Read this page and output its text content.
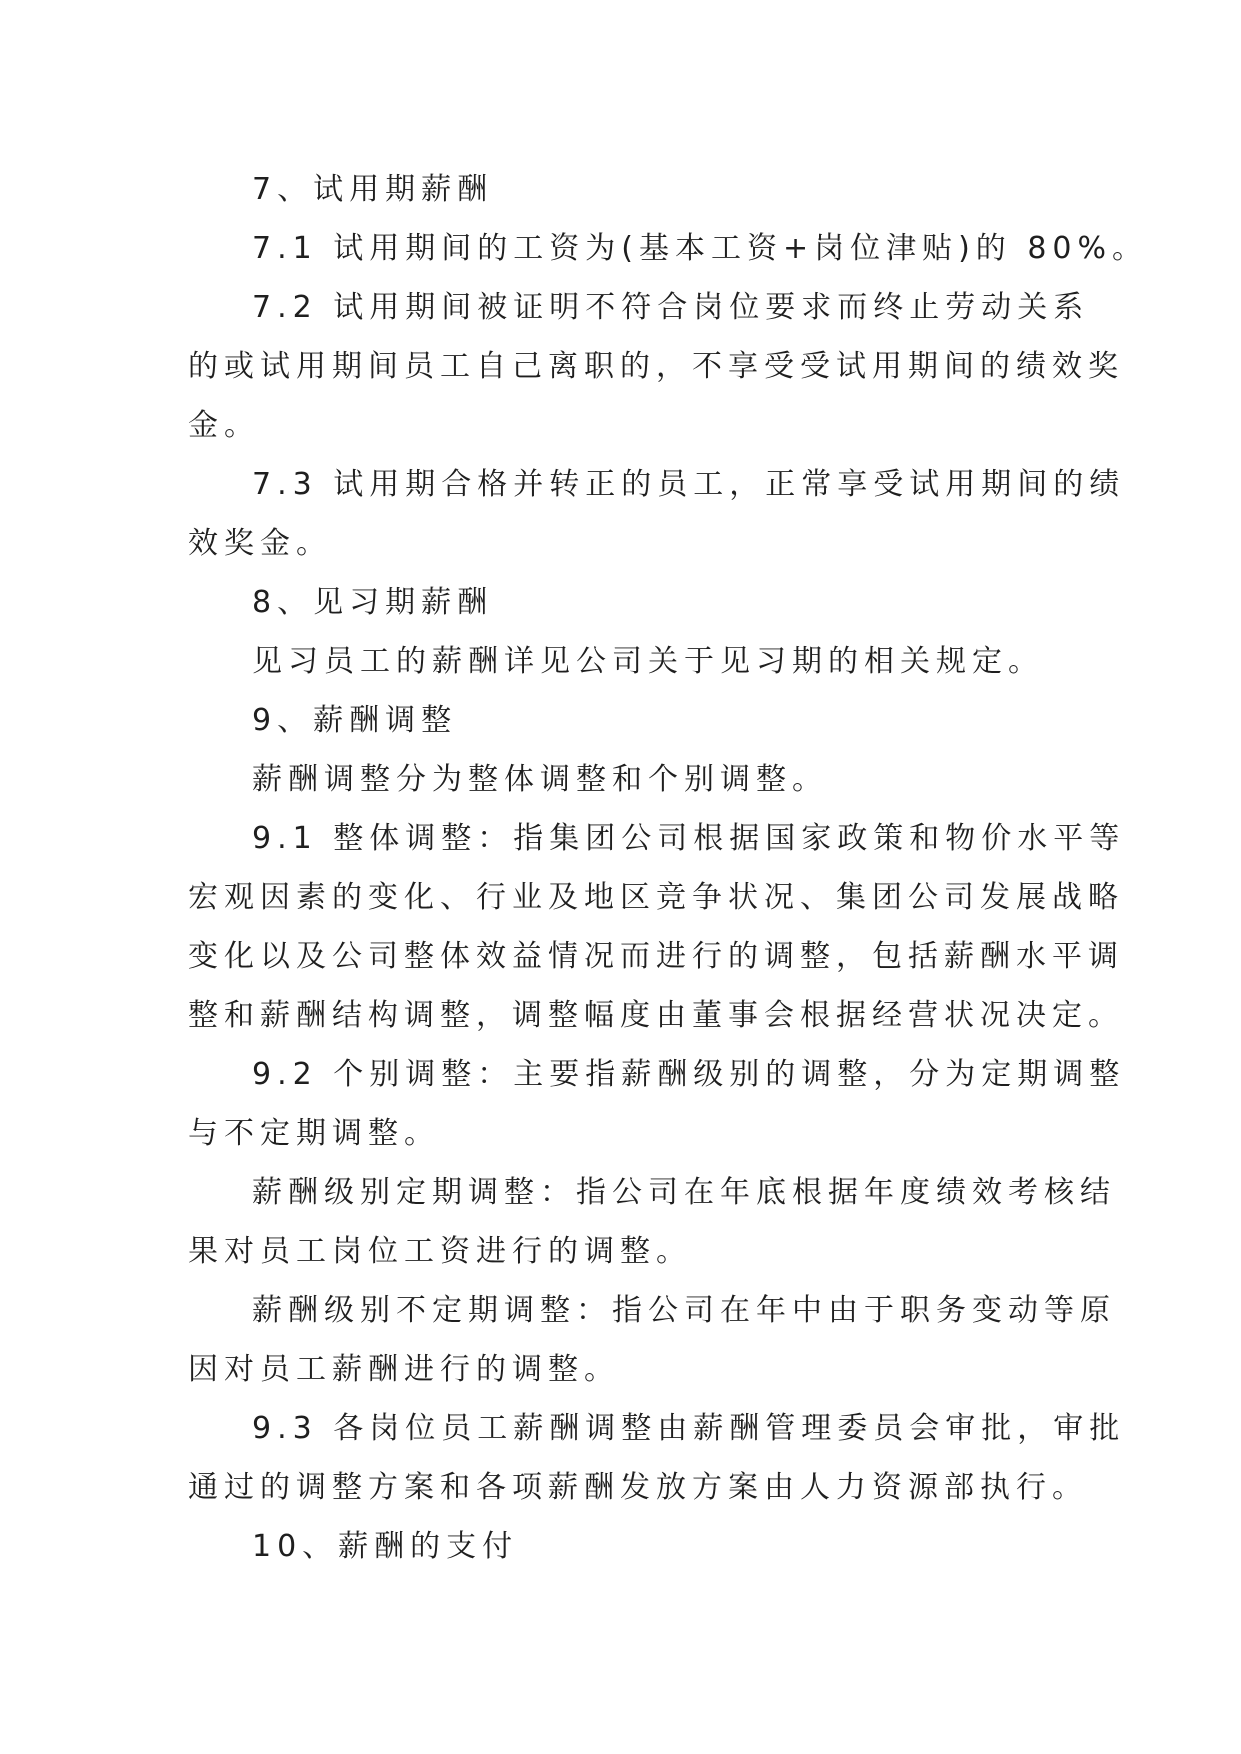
7、试用期薪酬

7.1 试用期间的工资为(基本工资+岗位津贴)的 80%。

7.2 试用期间被证明不符合岗位要求而终止劳动关系
的或试用期间员工自己离职的，不享受受试用期间的绩效奖
金。

7.3 试用期合格并转正的员工，正常享受试用期间的绩
效奖金。

8、见习期薪酬

见习员工的薪酬详见公司关于见习期的相关规定。

9、薪酬调整

薪酬调整分为整体调整和个别调整。

9.1 整体调整：指集团公司根据国家政策和物价水平等
宏观因素的变化、行业及地区竞争状况、集团公司发展战略
变化以及公司整体效益情况而进行的调整，包括薪酬水平调
整和薪酬结构调整，调整幅度由董事会根据经营状况决定。

9.2 个别调整：主要指薪酬级别的调整，分为定期调整
与不定期调整。

薪酬级别定期调整：指公司在年底根据年度绩效考核结
果对员工岗位工资进行的调整。

薪酬级别不定期调整：指公司在年中由于职务变动等原
因对员工薪酬进行的调整。

9.3 各岗位员工薪酬调整由薪酬管理委员会审批，审批
通过的调整方案和各项薪酬发放方案由人力资源部执行。

10、薪酬的支付
